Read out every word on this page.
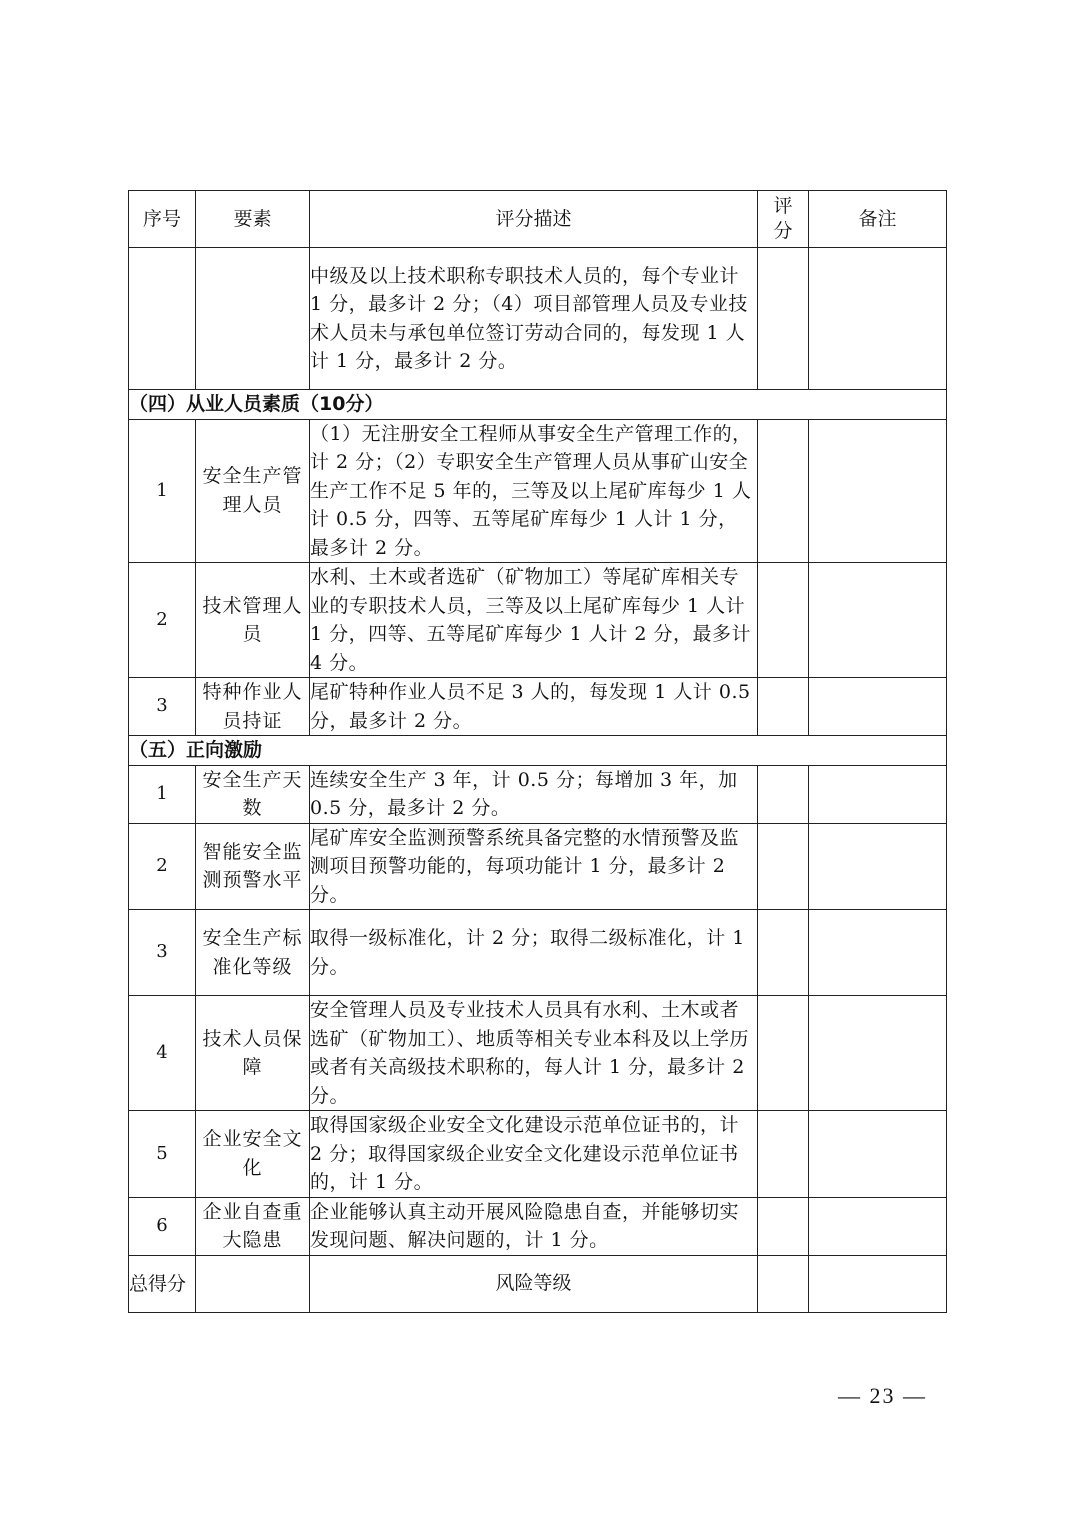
序号	要素	评分描述	评分	备注
		中级及以上技术职称专职技术人员的，每个专业计 1 分，最多计 2 分；（4）项目部管理人员及专业技术人员未与承包单位签订劳动合同的，每发现 1 人计 1 分，最多计 2 分。		
（四）从业人员素质（10分）				
1	安全生产管理人员	（1）无注册安全工程师从事安全生产管理工作的，计 2 分；（2）专职安全生产管理人员从事矿山安全生产工作不足 5 年的，三等及以上尾矿库每少 1 人计 0.5 分，四等、五等尾矿库每少 1 人计 1 分，最多计 2 分。		
2	技术管理人员	水利、土木或者选矿（矿物加工）等尾矿库相关专业的专职技术人员，三等及以上尾矿库每少 1 人计 1 分，四等、五等尾矿库每少 1 人计 2 分，最多计 4 分。		
3	特种作业人员持证	尾矿特种作业人员不足 3 人的，每发现 1 人计 0.5 分，最多计 2 分。		
（五）正向激励				
1	安全生产天数	连续安全生产 3 年，计 0.5 分；每增加 3 年，加 0.5 分，最多计 2 分。		
2	智能安全监测预警水平	尾矿库安全监测预警系统具备完整的水情预警及监测项目预警功能的，每项功能计 1 分，最多计 2 分。		
3	安全生产标准化等级	取得一级标准化，计 2 分；取得二级标准化，计 1 分。		
4	技术人员保障	安全管理人员及专业技术人员具有水利、土木或者选矿（矿物加工）、地质等相关专业本科及以上学历或者有关高级技术职称的，每人计 1 分，最多计 2 分。		
5	企业安全文化	取得国家级企业安全文化建设示范单位证书的，计 2 分；取得国家级企业安全文化建设示范单位证书的，计 1 分。		
6	企业自查重大隐患	企业能够认真主动开展风险隐患自查，并能够切实发现问题、解决问题的，计 1 分。		
总得分		风险等级		
— 23 —
